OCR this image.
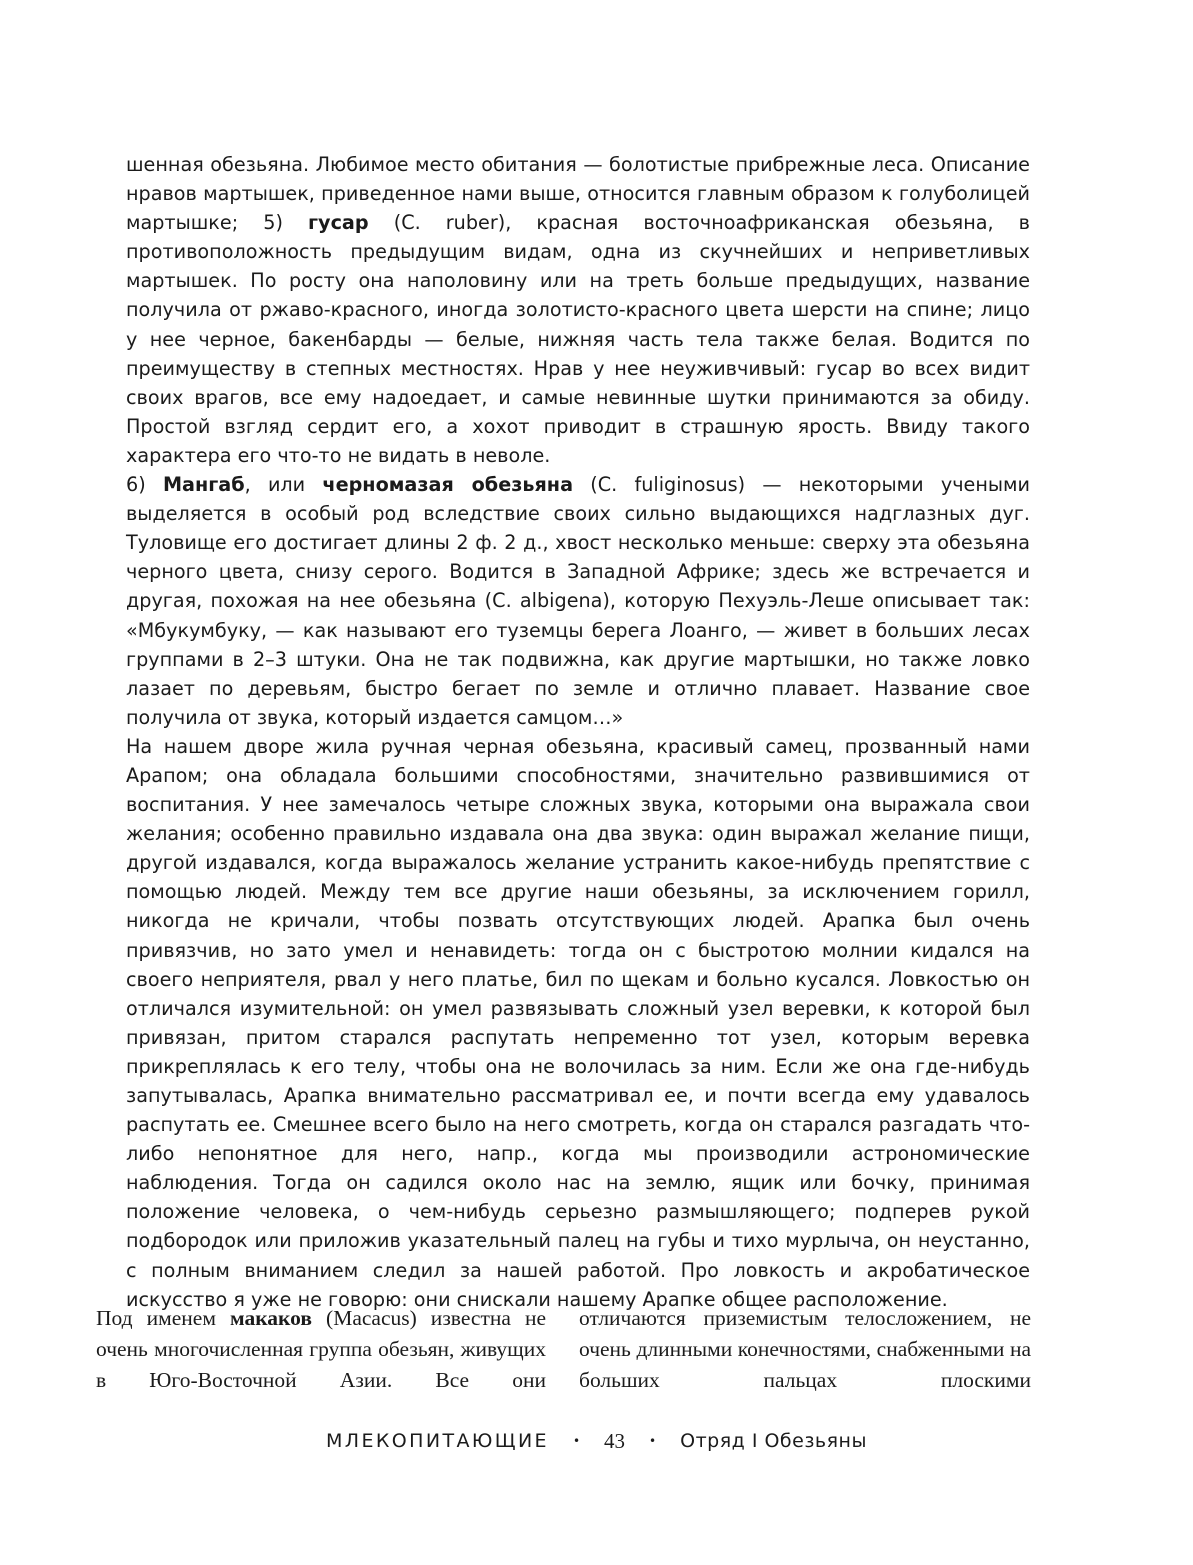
шенная обезьяна. Любимое место обитания — болотистые прибрежные леса. Описание нравов мартышек, приведенное нами выше, относится главным образом к голуболицей мартышке; 5) гусар (C. ruber), красная восточноафриканская обезьяна, в противоположность предыдущим видам, одна из скучнейших и неприветливых мартышек. По росту она наполовину или на треть больше предыдущих, название получила от ржаво-красного, иногда золотисто-красного цвета шерсти на спине; лицо у нее черное, бакенбарды — белые, нижняя часть тела также белая. Водится по преимуществу в степных местностях. Нрав у нее неуживчивый: гусар во всех видит своих врагов, все ему надоедает, и самые невинные шутки принимаются за обиду. Простой взгляд сердит его, а хохот приводит в страшную ярость. Ввиду такого характера его что-то не видать в неволе.

6) Мангаб, или черномазая обезьяна (C. fuliginosus) — некоторыми учеными выделяется в особый род вследствие своих сильно выдающихся надглазных дуг. Туловище его достигает длины 2 ф. 2 д., хвост несколько меньше: сверху эта обезьяна черного цвета, снизу серого. Водится в Западной Африке; здесь же встречается и другая, похожая на нее обезьяна (C. albigena), которую Пехуэль-Леше описывает так: «Мбукумбуку, — как называют его туземцы берега Лоанго, — живет в больших лесах группами в 2–3 штуки. Она не так подвижна, как другие мартышки, но также ловко лазает по деревьям, быстро бегает по земле и отлично плавает. Название свое получила от звука, который издается самцом…»

На нашем дворе жила ручная черная обезьяна, красивый самец, прозванный нами Арапом; она обладала большими способностями, значительно развившимися от воспитания. У нее замечалось четыре сложных звука, которыми она выражала свои желания; особенно правильно издавала она два звука: один выражал желание пищи, другой издавался, когда выражалось желание устранить какое-нибудь препятствие с помощью людей. Между тем все другие наши обезьяны, за исключением горилл, никогда не кричали, чтобы позвать отсутствующих людей. Арапка был очень привязчив, но зато умел и ненавидеть: тогда он с быстротою молнии кидался на своего неприятеля, рвал у него платье, бил по щекам и больно кусался. Ловкостью он отличался изумительной: он умел развязывать сложный узел веревки, к которой был привязан, притом старался распутать непременно тот узел, которым веревка прикреплялась к его телу, чтобы она не волочилась за ним. Если же она где-нибудь запутывалась, Арапка внимательно рассматривал ее, и почти всегда ему удавалось распутать ее. Смешнее всего было на него смотреть, когда он старался разгадать что-либо непонятное для него, напр., когда мы производили астрономические наблюдения. Тогда он садился около нас на землю, ящик или бочку, принимая положение человека, о чем-нибудь серьезно размышляющего; подперев рукой подбородок или приложив указательный палец на губы и тихо мурлыча, он неустанно, с полным вниманием следил за нашей работой. Про ловкость и акробатическое искусство я уже не говорю: они снискали нашему Арапке общее расположение.

Под именем макаков (Macacus) известна не очень многочисленная группа обезьян, живущих в Юго-Восточной Азии. Все они

отличаются приземистым телосложением, не очень длинными конечностями, снабженными на больших пальцах плоскими

МЛЕКОПИТАЮЩИЕ • 43 • Отряд I Обезьяны
